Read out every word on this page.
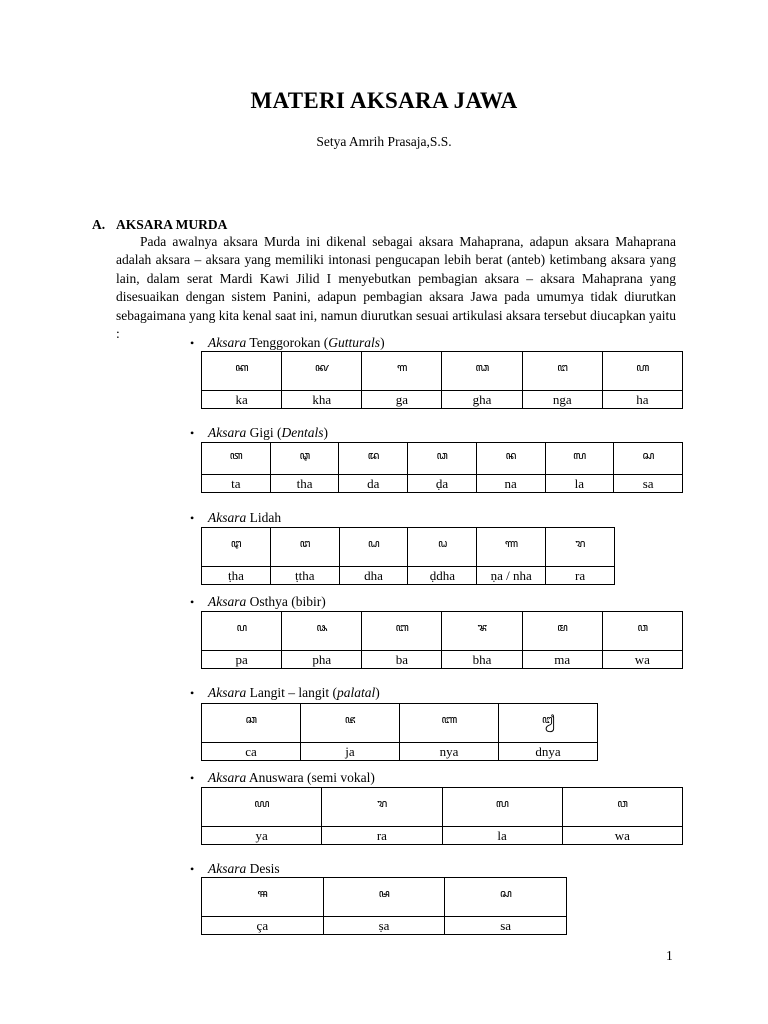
MATERI AKSARA JAWA
Setya Amrih Prasaja,S.S.
A. AKSARA MURDA
Pada awalnya aksara Murda ini dikenal sebagai aksara Mahaprana, adapun aksara Mahaprana adalah aksara – aksara yang memiliki intonasi pengucapan lebih berat (anteb) ketimbang aksara yang lain, dalam serat Mardi Kawi Jilid I menyebutkan pembagian aksara – aksara Mahaprana yang disesuaikan dengan sistem Panini, adapun pembagian aksara Jawa pada umumya tidak diurutkan sebagaimana yang kita kenal saat ini, namun diurutkan sesuai artikulasi aksara tersebut diucapkan yaitu :
• Aksara Tenggorokan (Gutturals)
ꦏ	ꦑ	ꦒ	ꦓ	ꦔ	ꦲ
ka	kha	ga	gha	nga	ha
• Aksara Gigi (Dentals)
ꦠ	ꦡ	ꦢ	ꦣ	ꦤ	ꦭ	ꦱ
ta	tha	da	ḍa	na	la	sa
• Aksara Lidah
ꦛ	ꦜ	ꦝ	ꦞ	ꦟ	ꦫ
ṭha	ṭtha	dha	ḍdha	ṇa / nha	ra
• Aksara Osthya (bibir)
ꦥ	ꦦ	ꦧ	ꦨ	ꦩ	ꦮ
pa	pha	ba	bha	ma	wa
• Aksara Langit – langit (palatal)
ꦕ	ꦗ	ꦚ	ꦙ
ca	ja	nya	dnya
• Aksara Anuswara (semi vokal)
ꦪ	ꦫ	ꦭ	ꦮ
ya	ra	la	wa
• Aksara Desis
ꦯ	ꦰ	ꦱ
ça	ṣa	sa
1
